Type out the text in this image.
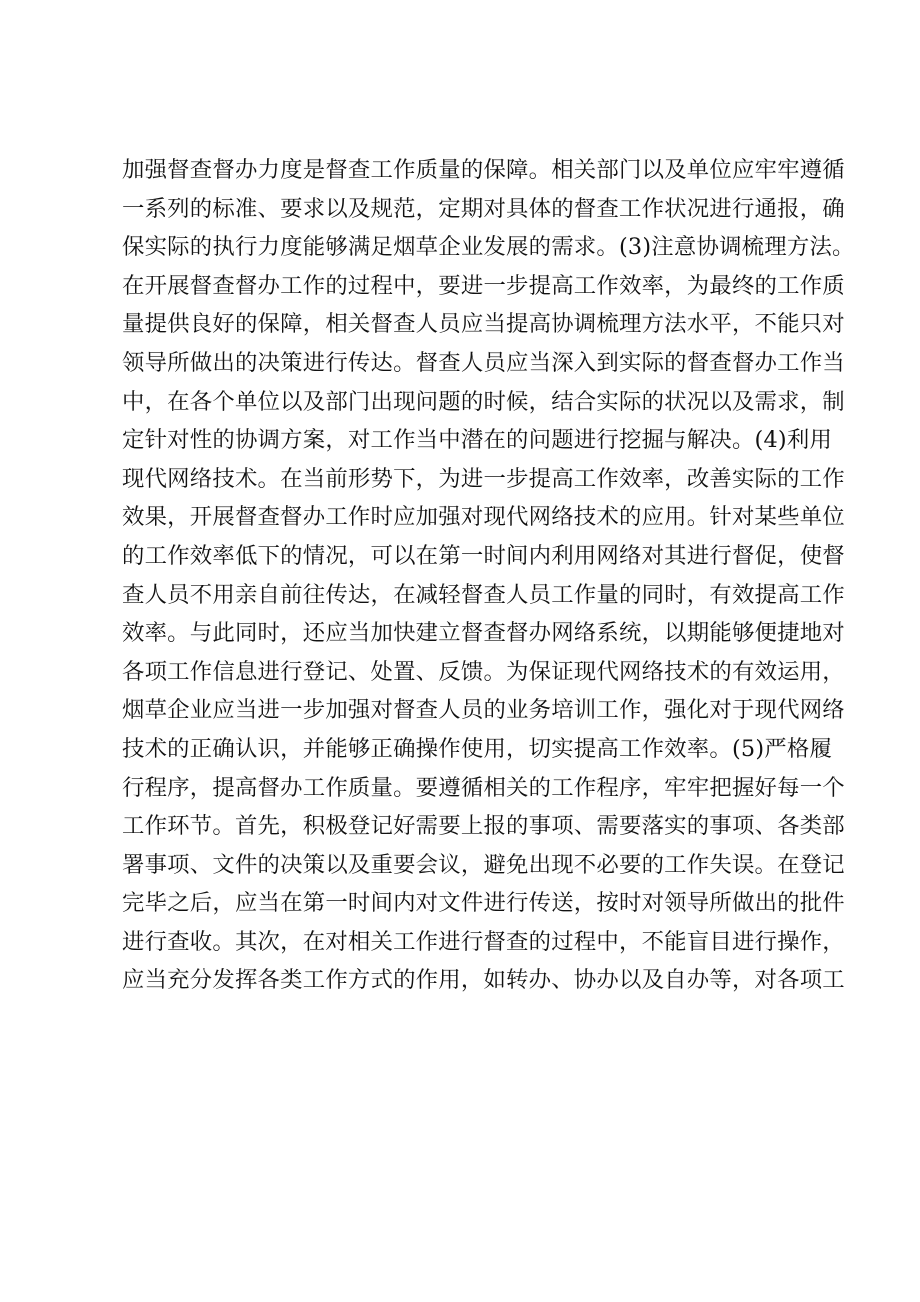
加强督查督办力度是督查工作质量的保障。相关部门以及单位应牢牢遵循
一系列的标准、要求以及规范，定期对具体的督查工作状况进行通报，确
保实际的执行力度能够满足烟草企业发展的需求。(3)注意协调梳理方法。
在开展督查督办工作的过程中，要进一步提高工作效率，为最终的工作质
量提供良好的保障，相关督查人员应当提高协调梳理方法水平，不能只对
领导所做出的决策进行传达。督查人员应当深入到实际的督查督办工作当
中，在各个单位以及部门出现问题的时候，结合实际的状况以及需求，制
定针对性的协调方案，对工作当中潜在的问题进行挖掘与解决。(4)利用
现代网络技术。在当前形势下，为进一步提高工作效率，改善实际的工作
效果，开展督查督办工作时应加强对现代网络技术的应用。针对某些单位
的工作效率低下的情况，可以在第一时间内利用网络对其进行督促，使督
查人员不用亲自前往传达，在减轻督查人员工作量的同时，有效提高工作
效率。与此同时，还应当加快建立督查督办网络系统，以期能够便捷地对
各项工作信息进行登记、处置、反馈。为保证现代网络技术的有效运用，
烟草企业应当进一步加强对督查人员的业务培训工作，强化对于现代网络
技术的正确认识，并能够正确操作使用，切实提高工作效率。(5)严格履
行程序，提高督办工作质量。要遵循相关的工作程序，牢牢把握好每一个
工作环节。首先，积极登记好需要上报的事项、需要落实的事项、各类部
署事项、文件的决策以及重要会议，避免出现不必要的工作失误。在登记
完毕之后，应当在第一时间内对文件进行传送，按时对领导所做出的批件
进行查收。其次，在对相关工作进行督查的过程中，不能盲目进行操作，
应当充分发挥各类工作方式的作用，如转办、协办以及自办等，对各项工
